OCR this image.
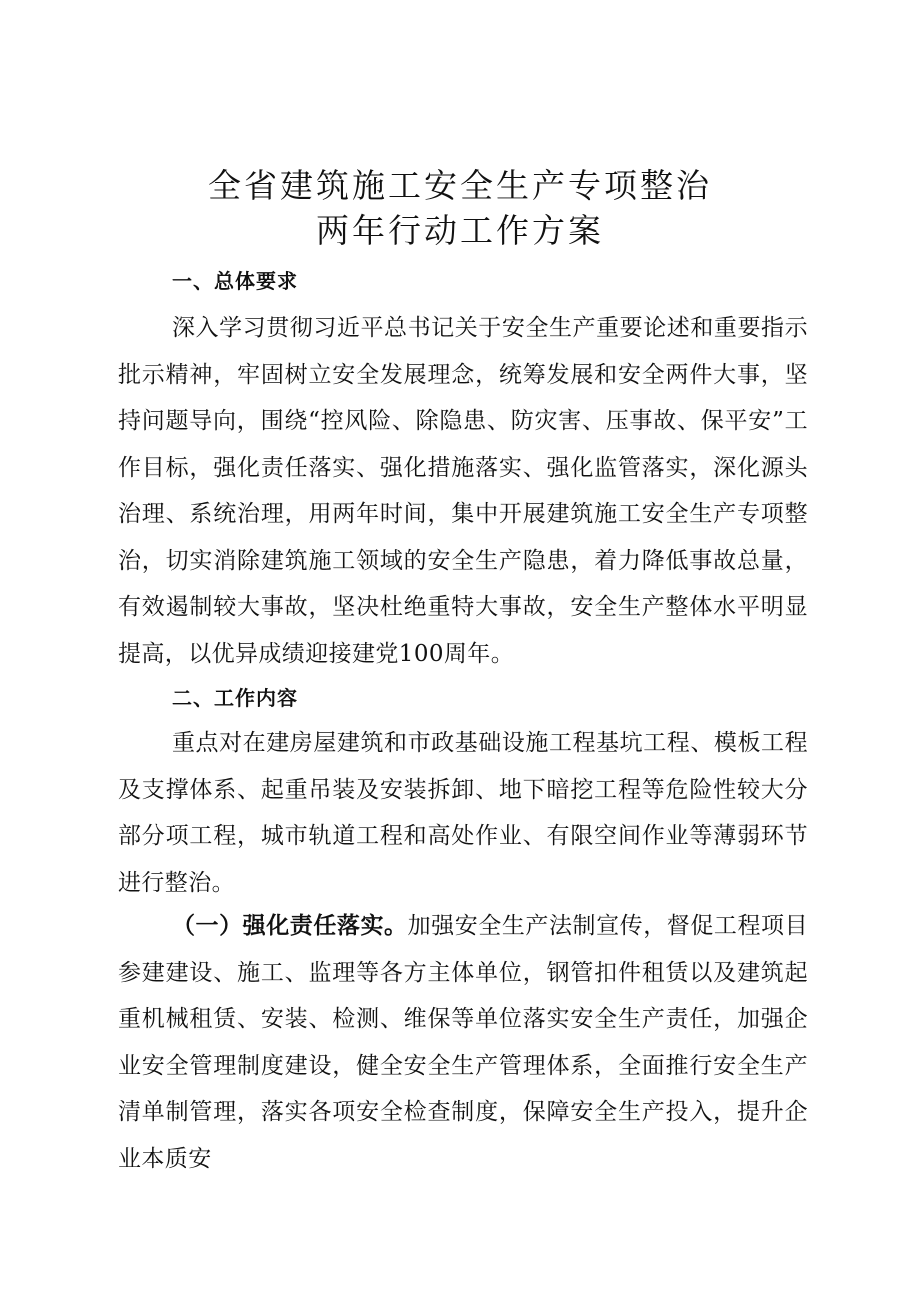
全省建筑施工安全生产专项整治
两年行动工作方案
一、总体要求

深入学习贯彻习近平总书记关于安全生产重要论述和重要指示批示精神，牢固树立安全发展理念，统筹发展和安全两件大事，坚持问题导向，围绕“控风险、除隐患、防灾害、压事故、保平安”工作目标，强化责任落实、强化措施落实、强化监管落实，深化源头治理、系统治理，用两年时间，集中开展建筑施工安全生产专项整治，切实消除建筑施工领域的安全生产隐患，着力降低事故总量，有效遏制较大事故，坚决杜绝重特大事故，安全生产整体水平明显提高，以优异成绩迎接建党100周年。

二、工作内容

重点对在建房屋建筑和市政基础设施工程基坑工程、模板工程及支撑体系、起重吊装及安装拆卸、地下暗挖工程等危险性较大分部分项工程，城市轨道工程和高处作业、有限空间作业等薄弱环节进行整治。

（一）强化责任落实。加强安全生产法制宣传，督促工程项目参建建设、施工、监理等各方主体单位，钢管扣件租赁以及建筑起重机械租赁、安装、检测、维保等单位落实安全生产责任，加强企业安全管理制度建设，健全安全生产管理体系，全面推行安全生产清单制管理，落实各项安全检查制度，保障安全生产投入，提升企业本质安
